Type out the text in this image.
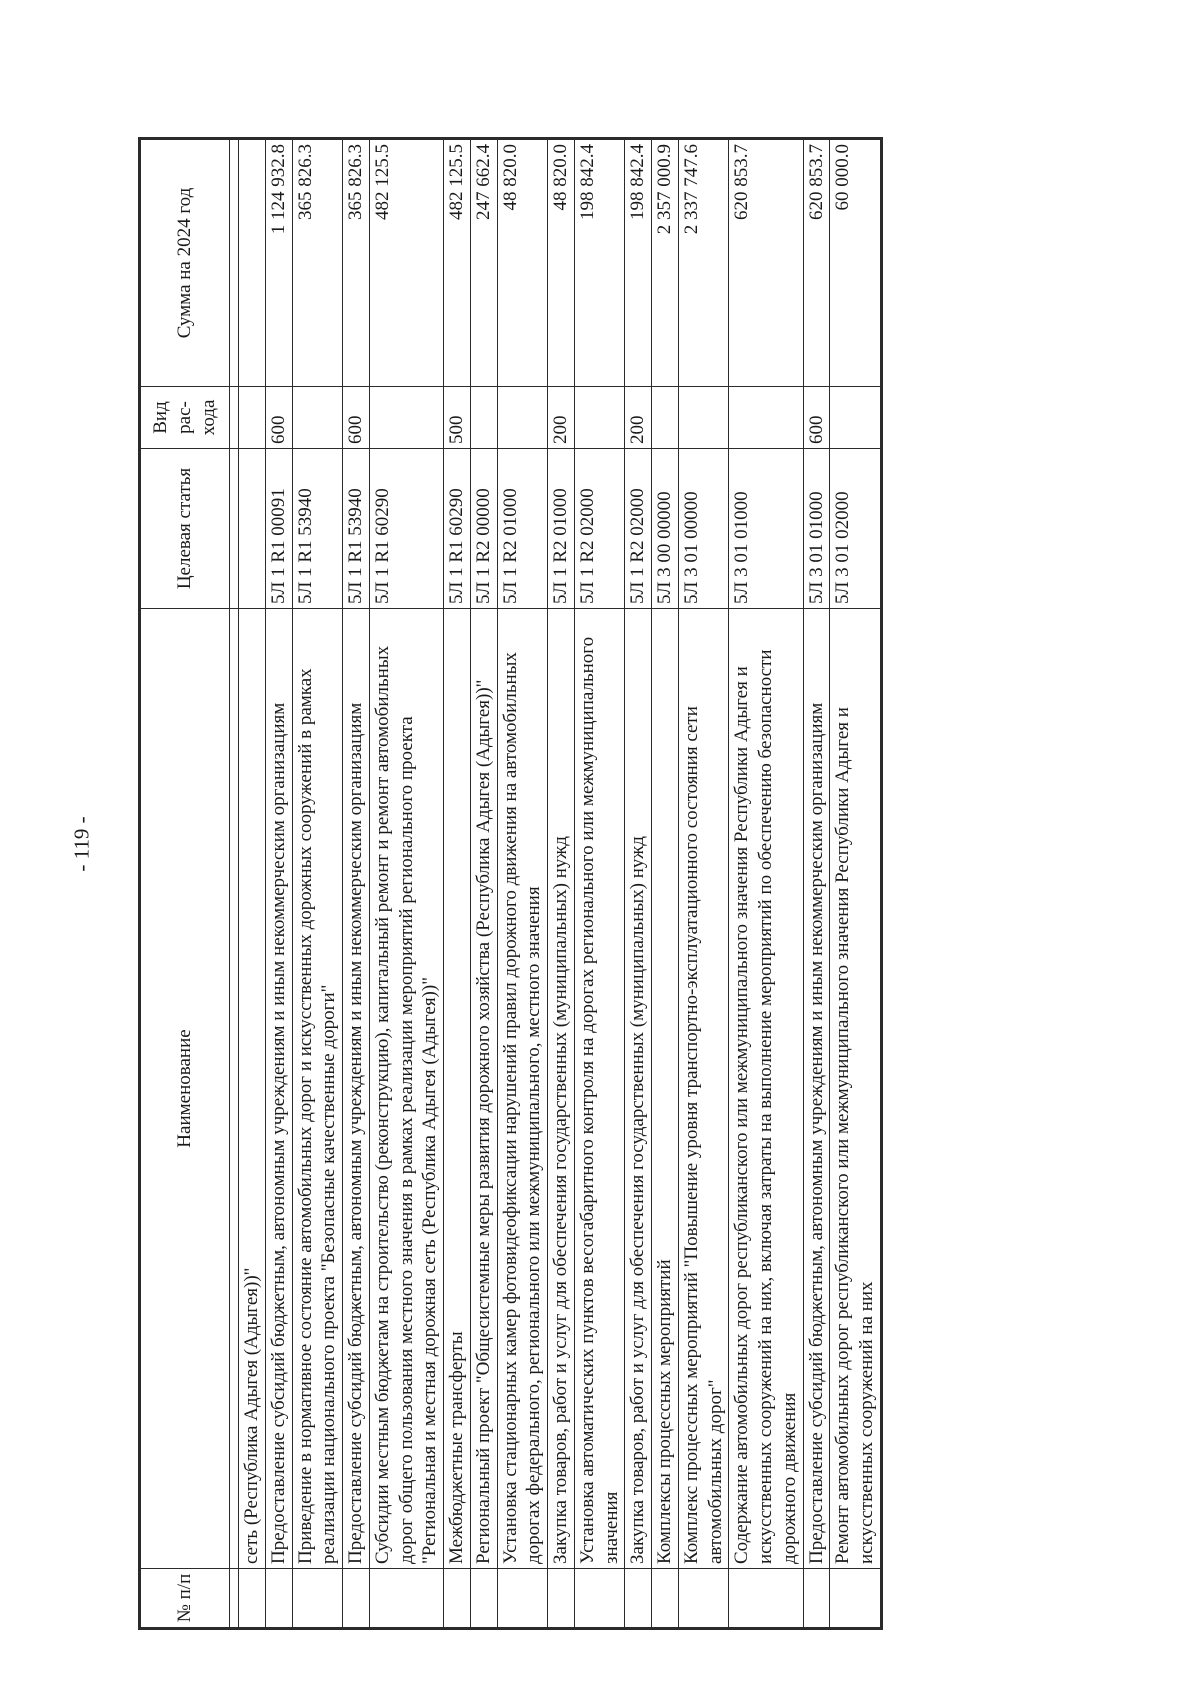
- 119 -
№ п/п	Наименование	Целевая статья	Вид рас- хода	Сумма на 2024 год

	сеть (Республика Адыгея (Адыгея))"			
	Предоставление субсидий бюджетным, автономным учреждениям и иным некоммерческим организациям	5Л 1 R1 00091	600	1 124 932.8
	Приведение в нормативное состояние автомобильных дорог и искусственных дорожных сооружений в рамках реализации национального проекта "Безопасные качественные дороги"	5Л 1 R1 53940		365 826.3
	Предоставление субсидий бюджетным, автономным учреждениям и иным некоммерческим организациям	5Л 1 R1 53940	600	365 826.3
	Субсидии местным бюджетам на строительство (реконструкцию), капитальный ремонт и ремонт автомобильных дорог общего пользования местного значения в рамках реализации мероприятий регионального проекта "Региональная и местная дорожная сеть (Республика Адыгея (Адыгея))"	5Л 1 R1 60290		482 125.5
	Межбюджетные трансферты	5Л 1 R1 60290	500	482 125.5
	Региональный проект "Общесистемные меры развития дорожного хозяйства (Республика Адыгея (Адыгея))"	5Л 1 R2 00000		247 662.4
	Установка стационарных камер фотовидеофиксации нарушений правил дорожного движения на автомобильных дорогах федерального, регионального или межмуниципального, местного значения	5Л 1 R2 01000		48 820.0
	Закупка товаров, работ и услуг для обеспечения государственных (муниципальных) нужд	5Л 1 R2 01000	200	48 820.0
	Установка автоматических пунктов весогабаритного контроля на дорогах регионального или межмуниципального значения	5Л 1 R2 02000		198 842.4
	Закупка товаров, работ и услуг для обеспечения государственных (муниципальных) нужд	5Л 1 R2 02000	200	198 842.4
	Комплексы процессных мероприятий	5Л 3 00 00000		2 357 000.9
	Комплекс процессных мероприятий "Повышение уровня транспортно-эксплуатационного состояния сети автомобильных дорог"	5Л 3 01 00000		2 337 747.6
	Содержание автомобильных дорог республиканского или межмуниципального значения Республики Адыгея и искусственных сооружений на них, включая затраты на выполнение мероприятий по обеспечению безопасности дорожного движения	5Л 3 01 01000		620 853.7
	Предоставление субсидий бюджетным, автономным учреждениям и иным некоммерческим организациям	5Л 3 01 01000	600	620 853.7
	Ремонт автомобильных дорог республиканского или межмуниципального значения Республики Адыгея и искусственных сооружений на них	5Л 3 01 02000		60 000.0
